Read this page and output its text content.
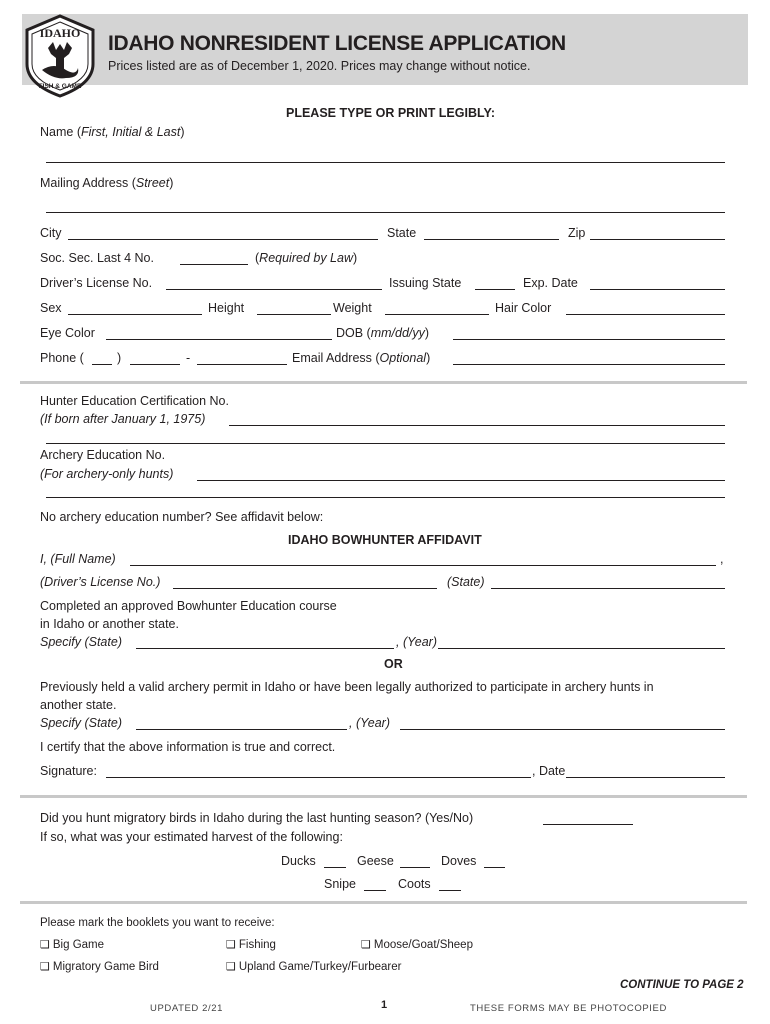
IDAHO
FISH & GAME
IDAHO NONRESIDENT LICENSE APPLICATION
Prices listed are as of December 1, 2020. Prices may change without notice.
PLEASE TYPE OR PRINT LEGIBLY:
Name (First, Initial & Last)
Mailing Address (Street)
City	State	Zip
Soc. Sec. Last 4 No.	(Required by Law)
Driver’s License No.	Issuing State	Exp. Date
Sex	Height	Weight	Hair Color
Eye Color	DOB (mm/dd/yy)
Phone (	)	-	Email Address (Optional)
Hunter Education Certification No.
(If born after January 1, 1975)
Archery Education No.
(For archery-only hunts)
No archery education number? See affidavit below:
IDAHO BOWHUNTER AFFIDAVIT
I, (Full Name)	,
(Driver’s License No.)	(State)
Completed an approved Bowhunter Education course
in Idaho or another state.
Specify (State)	, (Year)
OR
Previously held a valid archery permit in Idaho or have been legally authorized to participate in archery hunts in
another state.
Specify (State)	, (Year)
I certify that the above information is true and correct.
Signature:	, Date
Did you hunt migratory birds in Idaho during the last hunting season? (Yes/No)
If so, what was your estimated harvest of the following:
Ducks	Geese	Doves
Snipe	Coots
Please mark the booklets you want to receive:
❑ Big Game	❑ Fishing	❑ Moose/Goat/Sheep
❑ Migratory Game Bird	❑ Upland Game/Turkey/Furbearer
CONTINUE TO PAGE 2
UPDATED 2/21	1	THESE FORMS MAY BE PHOTOCOPIED
